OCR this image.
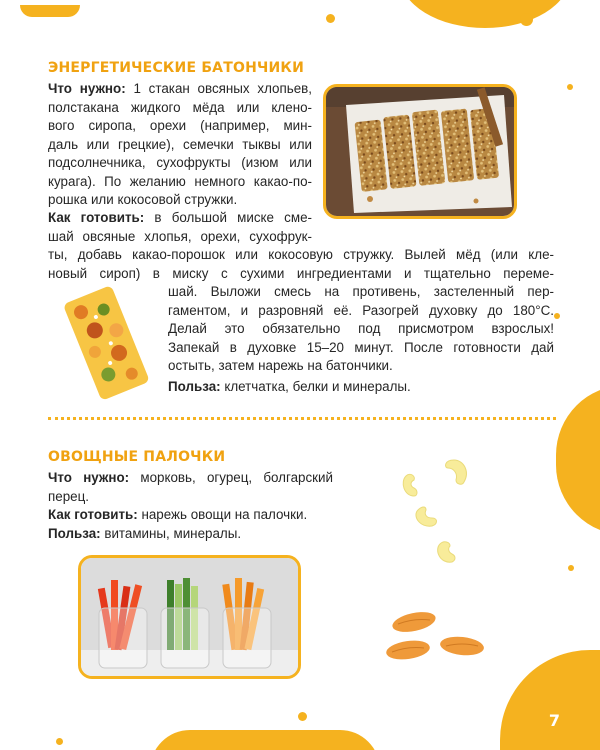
ЭНЕРГЕТИЧЕСКИЕ БАТОНЧИКИ
Что нужно: 1 стакан овсяных хлопьев,
полстакана жидкого мёда или клено-
вого сиропа, орехи (например, мин-
даль или грецкие), семечки тыквы или
подсолнечника, сухофрукты (изюм или
курага). По желанию немного какао-по-
рошка или кокосовой стружки.
Как готовить: в большой миске сме-
шай овсяные хлопья, орехи, сухофрук-
ты, добавь какао-порошок или кокосовую стружку. Вылей мёд (или кле-
новый сироп) в миску с сухими ингредиентами и тщательно переме-
шай. Выложи смесь на противень, застеленный пер-
гаментом, и разровняй её. Разогрей духовку до 180°C.
Делай это обязательно под присмотром взрослых!
Запекай в духовке 15–20 минут. После готовности дай
остыть, затем нарежь на батончики.
Польза: клетчатка, белки и минералы.
ОВОЩНЫЕ ПАЛОЧКИ
Что нужно: морковь, огурец, болгарский
перец.
Как готовить: нарежь овощи на палочки.
Польза: витамины, минералы.
7
